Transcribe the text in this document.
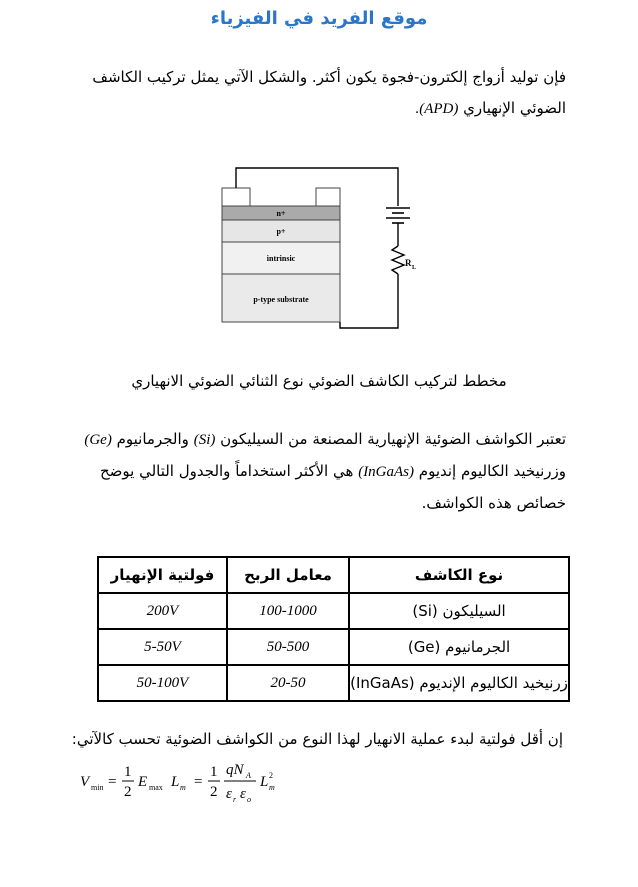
موقع الفريد في الفيزياء
فإن توليد أزواج إلكترون-فجوة يكون أكثر. والشكل الآتي يمثل تركيب الكاشف الضوئي الإنهياري (APD).
n+
p+
intrinsic
p-type substrate
R L
مخطط لتركيب الكاشف الضوئي نوع الثنائي الضوئي الانهياري
تعتبر الكواشف الضوئية الإنهيارية المصنعة من السيليكون (Si) والجرمانيوم (Ge) وزرنيخيد الكاليوم إنديوم (InGaAs) هي الأكثر استخداماً والجدول التالي يوضح خصائص هذه الكواشف.
نوع الكاشف	معامل الربح	فولتية الإنهيار
السيليكون (Si)	100-1000	200V
الجرمانيوم (Ge)	50-500	5-50V
زرنيخيد الكاليوم الإنديوم (InGaAs)	20-50	50-100V
إن أقل فولتية لبدء عملية الانهيار لهذا النوع من الكواشف الضوئية تحسب كالآتي:
V min =
1
2
E max L m =
1
2
qN A
ε r ε o
L m
2
